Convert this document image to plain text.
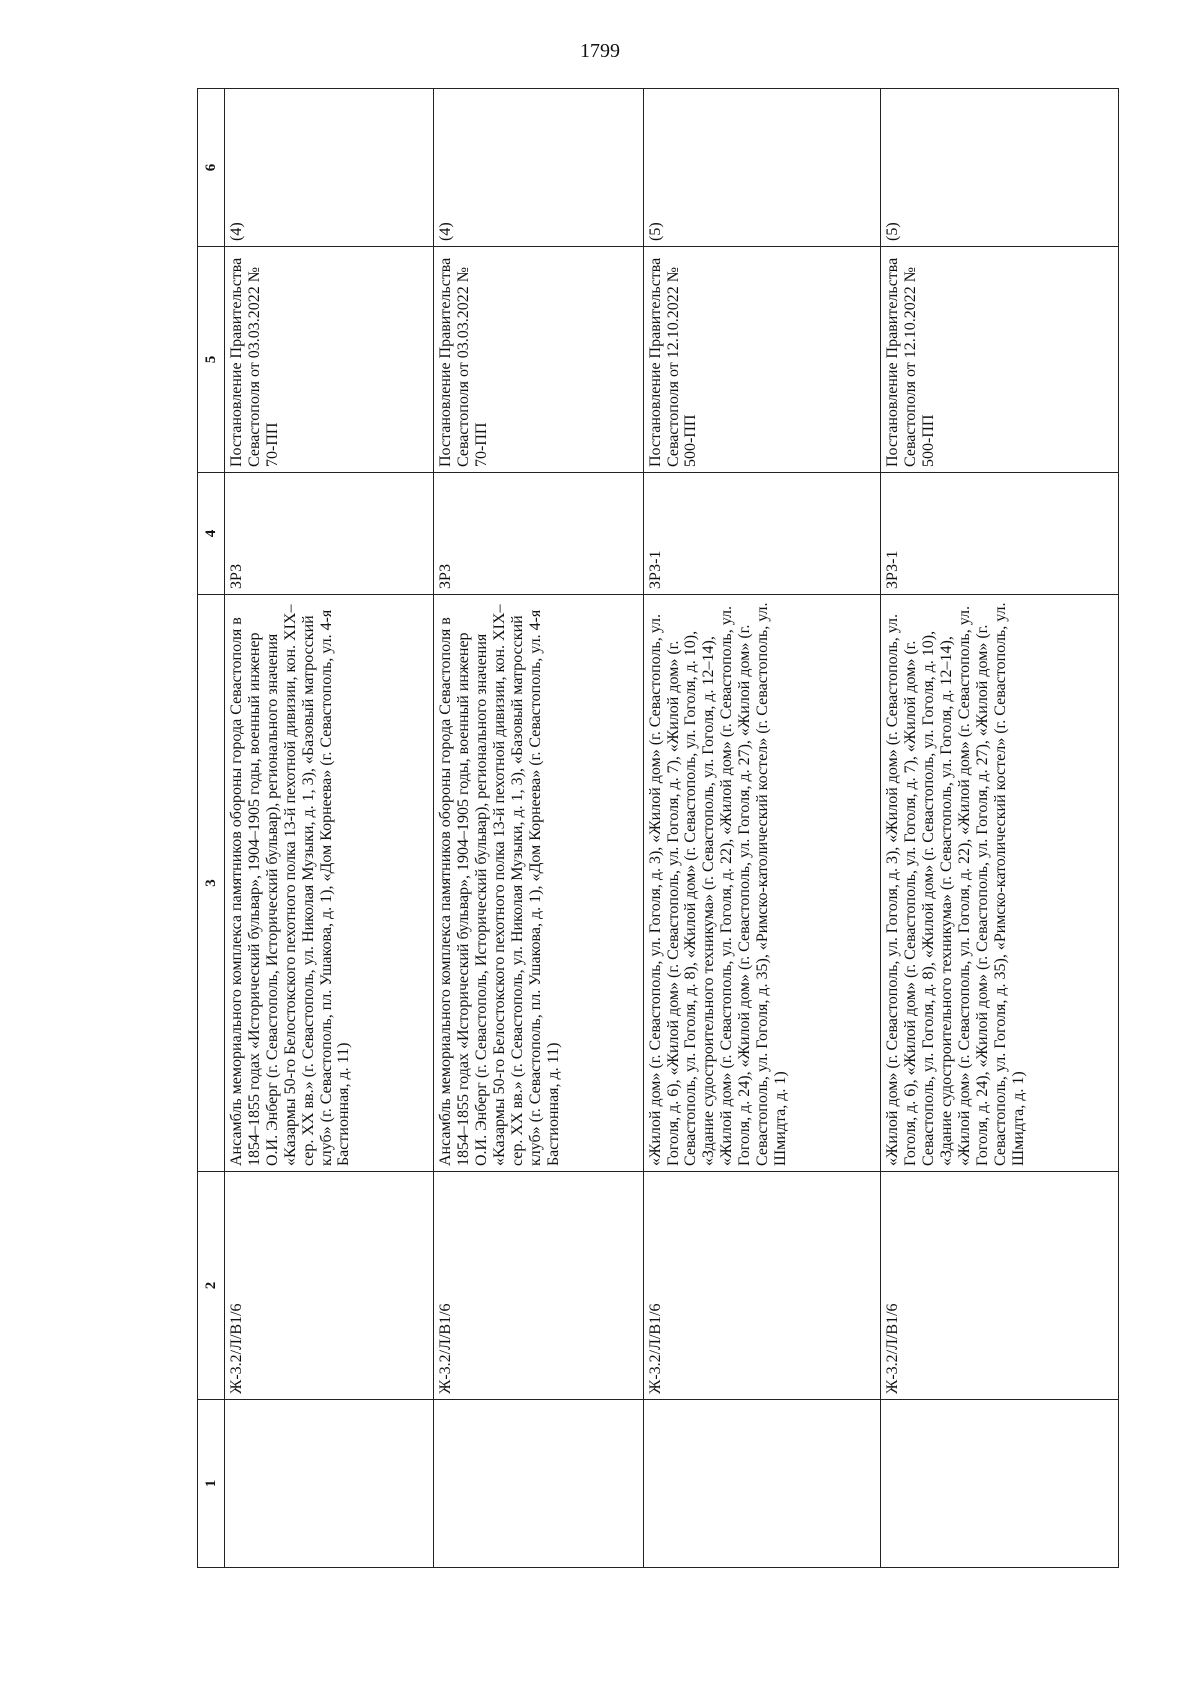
1799
1	2	3	4	5	6
	Ж-3.2/Л/В1/6	Ансамбль мемориального комплекса памятников обороны города Севастополя в 1854–1855 годах «Исторический бульвар», 1904–1905 годы, военный инженер О.И. Энберг (г. Севастополь, Исторический бульвар), регионального значения «Казармы 50-го Белостокского пехотного полка 13-й пехотной дивизии, кон. XIX–сер. XX вв.» (г. Севастополь, ул. Николая Музыки, д. 1, 3), «Базовый матросский клуб» (г. Севастополь, пл. Ушакова, д. 1), «Дом Корнеева» (г. Севастополь, ул. 4-я Бастионная, д. 11)	ЗРЗ	Постановление Правительства Севастополя от 03.03.2022 № 70-ПП	(4)
	Ж-3.2/Л/В1/6	Ансамбль мемориального комплекса памятников обороны города Севастополя в 1854–1855 годах «Исторический бульвар», 1904–1905 годы, военный инженер О.И. Энберг (г. Севастополь, Исторический бульвар), регионального значения «Казармы 50-го Белостокского пехотного полка 13-й пехотной дивизии, кон. XIX–сер. XX вв.» (г. Севастополь, ул. Николая Музыки, д. 1, 3), «Базовый матросский клуб» (г. Севастополь, пл. Ушакова, д. 1), «Дом Корнеева» (г. Севастополь, ул. 4-я Бастионная, д. 11)	ЗРЗ	Постановление Правительства Севастополя от 03.03.2022 № 70-ПП	(4)
	Ж-3.2/Л/В1/6	«Жилой дом» (г. Севастополь, ул. Гоголя, д. 3), «Жилой дом» (г. Севастополь, ул. Гоголя, д. 6), «Жилой дом» (г. Севастополь, ул. Гоголя, д. 7), «Жилой дом» (г. Севастополь, ул. Гоголя, д. 8), «Жилой дом» (г. Севастополь, ул. Гоголя, д. 10), «Здание судостроительного техникума» (г. Севастополь, ул. Гоголя, д. 12–14), «Жилой дом» (г. Севастополь, ул. Гоголя, д. 22), «Жилой дом» (г. Севастополь, ул. Гоголя, д. 24), «Жилой дом» (г. Севастополь, ул. Гоголя, д. 27), «Жилой дом» (г. Севастополь, ул. Гоголя, д. 35), «Римско-католический костел» (г. Севастополь, ул. Шмидта, д. 1)	ЗРЗ-1	Постановление Правительства Севастополя от 12.10.2022 № 500-ПП	(5)
	Ж-3.2/Л/В1/6	«Жилой дом» (г. Севастополь, ул. Гоголя, д. 3), «Жилой дом» (г. Севастополь, ул. Гоголя, д. 6), «Жилой дом» (г. Севастополь, ул. Гоголя, д. 7), «Жилой дом» (г. Севастополь, ул. Гоголя, д. 8), «Жилой дом» (г. Севастополь, ул. Гоголя, д. 10), «Здание судостроительного техникума» (г. Севастополь, ул. Гоголя, д. 12–14), «Жилой дом» (г. Севастополь, ул. Гоголя, д. 22), «Жилой дом» (г. Севастополь, ул. Гоголя, д. 24), «Жилой дом» (г. Севастополь, ул. Гоголя, д. 27), «Жилой дом» (г. Севастополь, ул. Гоголя, д. 35), «Римско-католический костел» (г. Севастополь, ул. Шмидта, д. 1)	ЗРЗ-1	Постановление Правительства Севастополя от 12.10.2022 № 500-ПП	(5)
